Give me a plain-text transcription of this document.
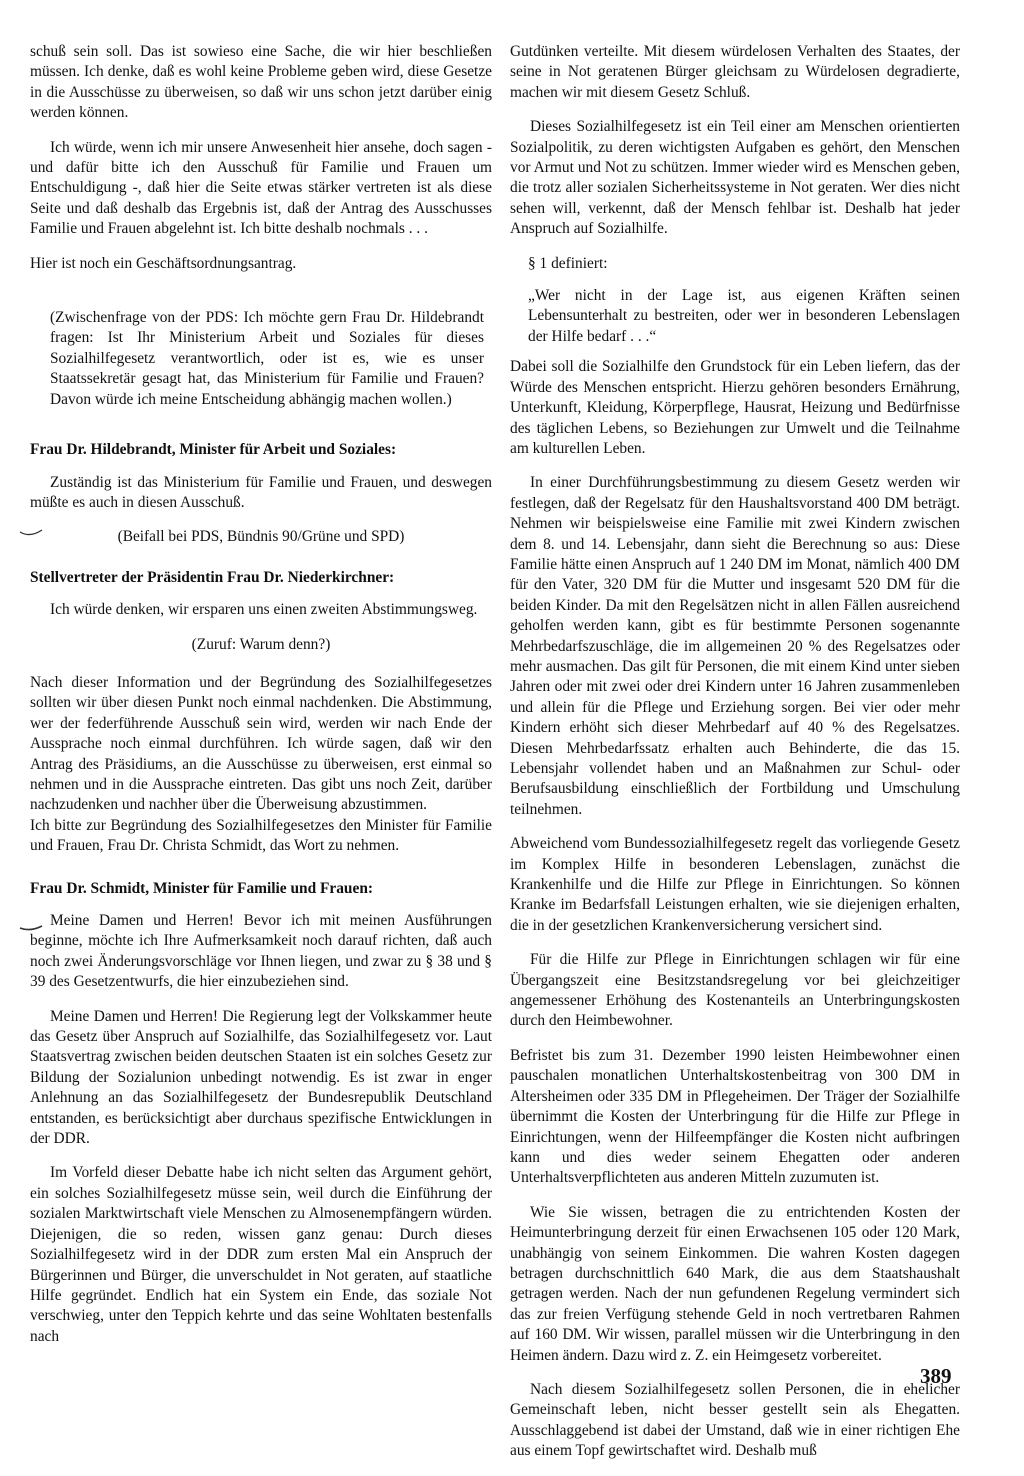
schuß sein soll. Das ist sowieso eine Sache, die wir hier beschließen müssen. Ich denke, daß es wohl keine Probleme geben wird, diese Gesetze in die Ausschüsse zu überweisen, so daß wir uns schon jetzt darüber einig werden können.

Ich würde, wenn ich mir unsere Anwesenheit hier ansehe, doch sagen - und dafür bitte ich den Ausschuß für Familie und Frauen um Entschuldigung -, daß hier die Seite etwas stärker vertreten ist als diese Seite und daß deshalb das Ergebnis ist, daß der Antrag des Ausschusses Familie und Frauen abgelehnt ist. Ich bitte deshalb nochmals . . .

Hier ist noch ein Geschäftsordnungsantrag.

(Zwischenfrage von der PDS: Ich möchte gern Frau Dr. Hildebrandt fragen: Ist Ihr Ministerium Arbeit und Soziales für dieses Sozialhilfegesetz verantwortlich, oder ist es, wie es unser Staatssekretär gesagt hat, das Ministerium für Familie und Frauen? Davon würde ich meine Entscheidung abhängig machen wollen.)

Frau Dr. Hildebrandt, Minister für Arbeit und Soziales:

Zuständig ist das Ministerium für Familie und Frauen, und deswegen müßte es auch in diesen Ausschuß.

(Beifall bei PDS, Bündnis 90/Grüne und SPD)

Stellvertreter der Präsidentin Frau Dr. Niederkirchner:

Ich würde denken, wir ersparen uns einen zweiten Abstimmungsweg.

(Zuruf: Warum denn?)

Nach dieser Information und der Begründung des Sozialhilfegesetzes sollten wir über diesen Punkt noch einmal nachdenken. Die Abstimmung, wer der federführende Ausschuß sein wird, werden wir nach Ende der Aussprache noch einmal durchführen. Ich würde sagen, daß wir den Antrag des Präsidiums, an die Ausschüsse zu überweisen, erst einmal so nehmen und in die Aussprache eintreten. Das gibt uns noch Zeit, darüber nachzudenken und nachher über die Überweisung abzustimmen.

Ich bitte zur Begründung des Sozialhilfegesetzes den Minister für Familie und Frauen, Frau Dr. Christa Schmidt, das Wort zu nehmen.

Frau Dr. Schmidt, Minister für Familie und Frauen:

Meine Damen und Herren! Bevor ich mit meinen Ausführungen beginne, möchte ich Ihre Aufmerksamkeit noch darauf richten, daß auch noch zwei Änderungsvorschläge vor Ihnen liegen, und zwar zu § 38 und § 39 des Gesetzentwurfs, die hier einzubeziehen sind.

Meine Damen und Herren! Die Regierung legt der Volkskammer heute das Gesetz über Anspruch auf Sozialhilfe, das Sozialhilfegesetz vor. Laut Staatsvertrag zwischen beiden deutschen Staaten ist ein solches Gesetz zur Bildung der Sozialunion unbedingt notwendig. Es ist zwar in enger Anlehnung an das Sozialhilfegesetz der Bundesrepublik Deutschland entstanden, es berücksichtigt aber durchaus spezifische Entwicklungen in der DDR.

Im Vorfeld dieser Debatte habe ich nicht selten das Argument gehört, ein solches Sozialhilfegesetz müsse sein, weil durch die Einführung der sozialen Marktwirtschaft viele Menschen zu Almosenempfängern würden. Diejenigen, die so reden, wissen ganz genau: Durch dieses Sozialhilfegesetz wird in der DDR zum ersten Mal ein Anspruch der Bürgerinnen und Bürger, die unverschuldet in Not geraten, auf staatliche Hilfe gegründet. Endlich hat ein System ein Ende, das soziale Not verschwieg, unter den Teppich kehrte und das seine Wohltaten bestenfalls nach

Gutdünken verteilte. Mit diesem würdelosen Verhalten des Staates, der seine in Not geratenen Bürger gleichsam zu Würdelosen degradierte, machen wir mit diesem Gesetz Schluß.

Dieses Sozialhilfegesetz ist ein Teil einer am Menschen orientierten Sozialpolitik, zu deren wichtigsten Aufgaben es gehört, den Menschen vor Armut und Not zu schützen. Immer wieder wird es Menschen geben, die trotz aller sozialen Sicherheitssysteme in Not geraten. Wer dies nicht sehen will, verkennt, daß der Mensch fehlbar ist. Deshalb hat jeder Anspruch auf Sozialhilfe.

§ 1 definiert:

„Wer nicht in der Lage ist, aus eigenen Kräften seinen Lebensunterhalt zu bestreiten, oder wer in besonderen Lebenslagen der Hilfe bedarf . . .“

Dabei soll die Sozialhilfe den Grundstock für ein Leben liefern, das der Würde des Menschen entspricht. Hierzu gehören besonders Ernährung, Unterkunft, Kleidung, Körperpflege, Hausrat, Heizung und Bedürfnisse des täglichen Lebens, so Beziehungen zur Umwelt und die Teilnahme am kulturellen Leben.

In einer Durchführungsbestimmung zu diesem Gesetz werden wir festlegen, daß der Regelsatz für den Haushaltsvorstand 400 DM beträgt. Nehmen wir beispielsweise eine Familie mit zwei Kindern zwischen dem 8. und 14. Lebensjahr, dann sieht die Berechnung so aus: Diese Familie hätte einen Anspruch auf 1 240 DM im Monat, nämlich 400 DM für den Vater, 320 DM für die Mutter und insgesamt 520 DM für die beiden Kinder. Da mit den Regelsätzen nicht in allen Fällen ausreichend geholfen werden kann, gibt es für bestimmte Personen sogenannte Mehrbedarfszuschläge, die im allgemeinen 20 % des Regelsatzes oder mehr ausmachen. Das gilt für Personen, die mit einem Kind unter sieben Jahren oder mit zwei oder drei Kindern unter 16 Jahren zusammenleben und allein für die Pflege und Erziehung sorgen. Bei vier oder mehr Kindern erhöht sich dieser Mehrbedarf auf 40 % des Regelsatzes. Diesen Mehrbedarfssatz erhalten auch Behinderte, die das 15. Lebensjahr vollendet haben und an Maßnahmen zur Schul- oder Berufsausbildung einschließlich der Fortbildung und Umschulung teilnehmen.

Abweichend vom Bundessozialhilfegesetz regelt das vorliegende Gesetz im Komplex Hilfe in besonderen Lebenslagen, zunächst die Krankenhilfe und die Hilfe zur Pflege in Einrichtungen. So können Kranke im Bedarfsfall Leistungen erhalten, wie sie diejenigen erhalten, die in der gesetzlichen Krankenversicherung versichert sind.

Für die Hilfe zur Pflege in Einrichtungen schlagen wir für eine Übergangszeit eine Besitzstandsregelung vor bei gleichzeitiger angemessener Erhöhung des Kostenanteils an Unterbringungskosten durch den Heimbewohner.

Befristet bis zum 31. Dezember 1990 leisten Heimbewohner einen pauschalen monatlichen Unterhaltskostenbeitrag von 300 DM in Altersheimen oder 335 DM in Pflegeheimen. Der Träger der Sozialhilfe übernimmt die Kosten der Unterbringung für die Hilfe zur Pflege in Einrichtungen, wenn der Hilfeempfänger die Kosten nicht aufbringen kann und dies weder seinem Ehegatten oder anderen Unterhaltsverpflichteten aus anderen Mitteln zuzumuten ist.

Wie Sie wissen, betragen die zu entrichtenden Kosten der Heimunterbringung derzeit für einen Erwachsenen 105 oder 120 Mark, unabhängig von seinem Einkommen. Die wahren Kosten dagegen betragen durchschnittlich 640 Mark, die aus dem Staatshaushalt getragen werden. Nach der nun gefundenen Regelung vermindert sich das zur freien Verfügung stehende Geld in noch vertretbaren Rahmen auf 160 DM. Wir wissen, parallel müssen wir die Unterbringung in den Heimen ändern. Dazu wird z. Z. ein Heimgesetz vorbereitet.

Nach diesem Sozialhilfegesetz sollen Personen, die in ehelicher Gemeinschaft leben, nicht besser gestellt sein als Ehegatten. Ausschlaggebend ist dabei der Umstand, daß wie in einer richtigen Ehe aus einem Topf gewirtschaftet wird. Deshalb muß

389
